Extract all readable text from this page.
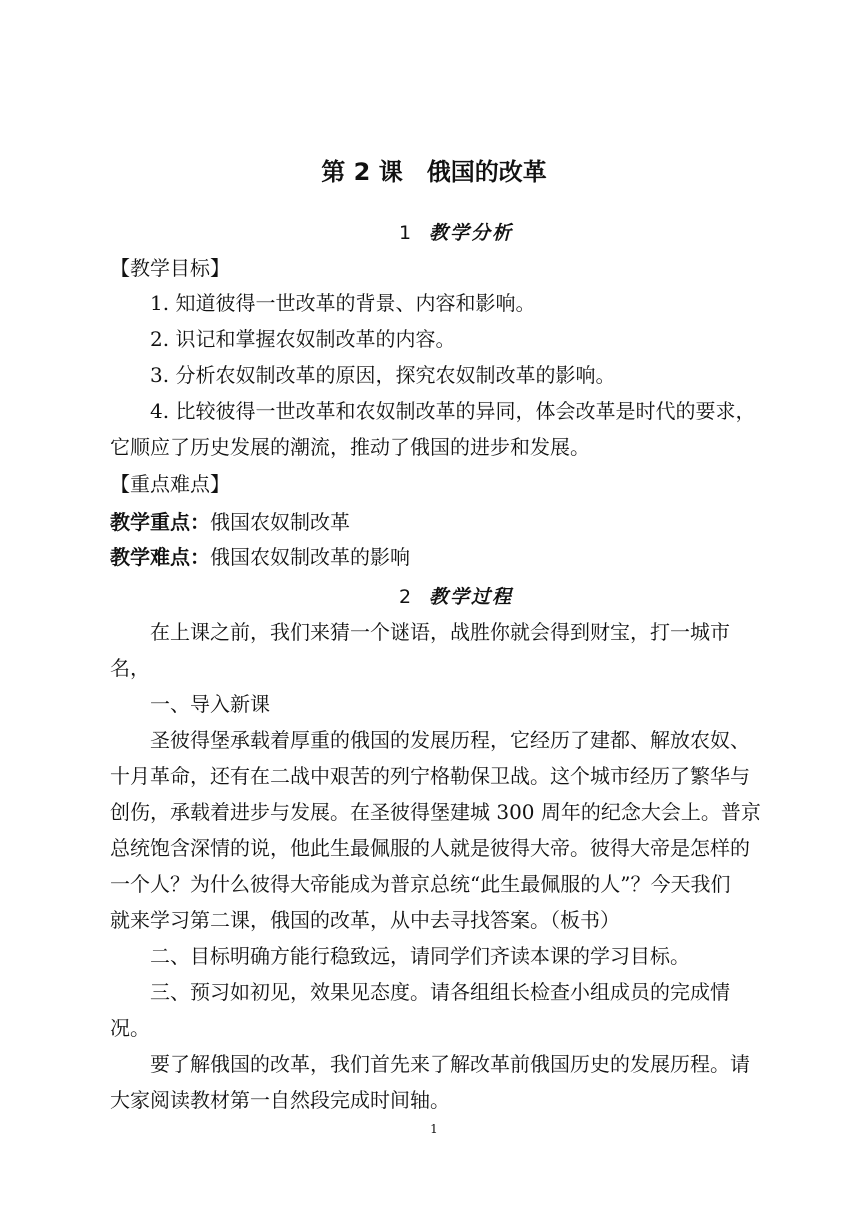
第 2 课　俄国的改革
1 教学分析
【教学目标】
1. 知道彼得一世改革的背景、内容和影响。
2. 识记和掌握农奴制改革的内容。
3. 分析农奴制改革的原因，探究农奴制改革的影响。
4. 比较彼得一世改革和农奴制改革的异同，体会改革是时代的要求，
它顺应了历史发展的潮流，推动了俄国的进步和发展。
【重点难点】
教学重点：俄国农奴制改革
教学难点：俄国农奴制改革的影响
2 教学过程
在上课之前，我们来猜一个谜语，战胜你就会得到财宝，打一城市
名，
一、导入新课
圣彼得堡承载着厚重的俄国的发展历程，它经历了建都、解放农奴、
十月革命，还有在二战中艰苦的列宁格勒保卫战。这个城市经历了繁华与
创伤，承载着进步与发展。在圣彼得堡建城 300 周年的纪念大会上。普京
总统饱含深情的说，他此生最佩服的人就是彼得大帝。彼得大帝是怎样的
一个人？为什么彼得大帝能成为普京总统“此生最佩服的人”？今天我们
就来学习第二课，俄国的改革，从中去寻找答案。（板书）
二、目标明确方能行稳致远，请同学们齐读本课的学习目标。
三、预习如初见，效果见态度。请各组组长检查小组成员的完成情
况。
要了解俄国的改革，我们首先来了解改革前俄国历史的发展历程。请
大家阅读教材第一自然段完成时间轴。
1
